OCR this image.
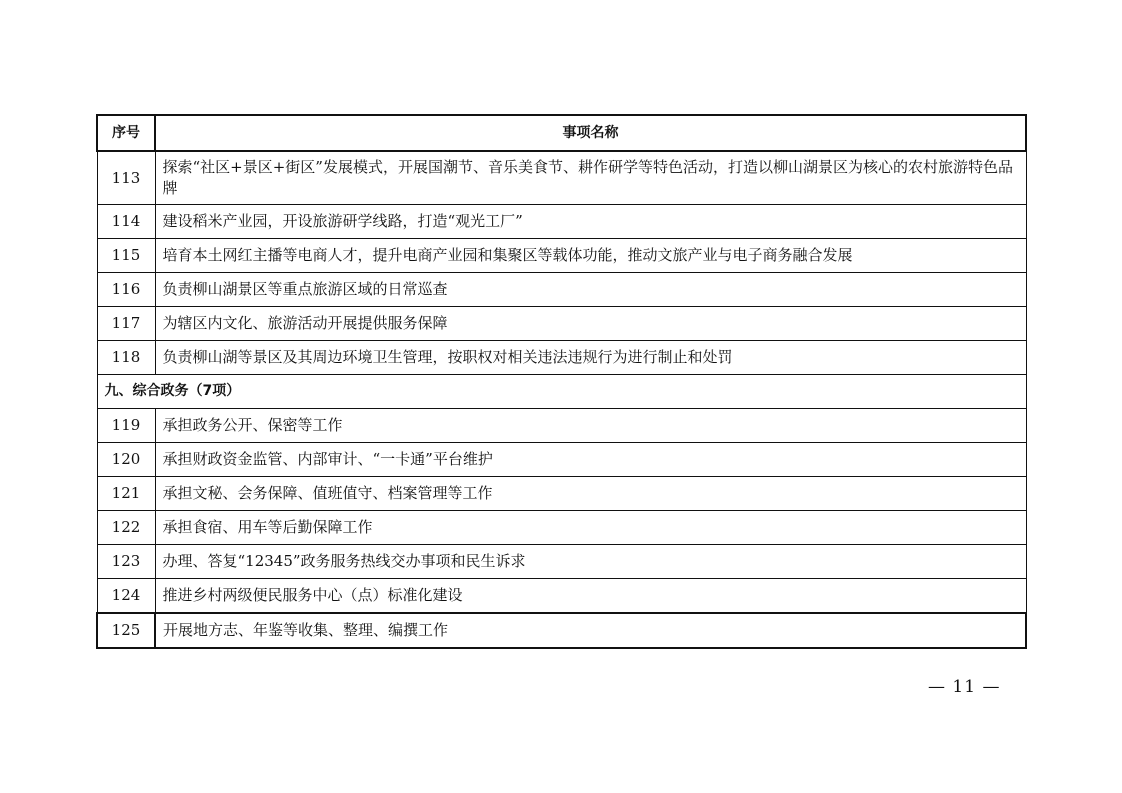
序号	事项名称
113	探索“社区+景区+街区”发展模式，开展国潮节、音乐美食节、耕作研学等特色活动，打造以柳山湖景区为核心的农村旅游特色品牌
114	建设稻米产业园，开设旅游研学线路，打造“观光工厂”
115	培育本土网红主播等电商人才，提升电商产业园和集聚区等载体功能，推动文旅产业与电子商务融合发展
116	负责柳山湖景区等重点旅游区域的日常巡查
117	为辖区内文化、旅游活动开展提供服务保障
118	负责柳山湖等景区及其周边环境卫生管理，按职权对相关违法违规行为进行制止和处罚
九、综合政务（7项）	
119	承担政务公开、保密等工作
120	承担财政资金监管、内部审计、“一卡通”平台维护
121	承担文秘、会务保障、值班值守、档案管理等工作
122	承担食宿、用车等后勤保障工作
123	办理、答复“12345”政务服务热线交办事项和民生诉求
124	推进乡村两级便民服务中心（点）标准化建设
125	开展地方志、年鉴等收集、整理、编撰工作
— 11 —
